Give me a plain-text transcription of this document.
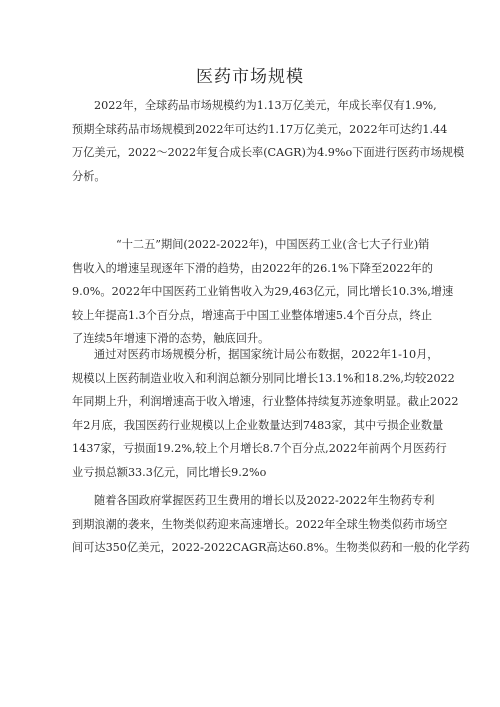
医药市场规模

2022年，全球药品市场规模约为1.13万亿美元，年成长率仅有1.9%,
预期全球药品市场规模到2022年可达约1.17万亿美元，2022年可达约1.44
万亿美元，2022～2022年复合成长率(CAGR)为4.9%o下面进行医药市场规模
分析。

“十二五”期间(2022-2022年)，中国医药工业(含七大子行业)销
售收入的增速呈现逐年下滑的趋势，由2022年的26.1%下降至2022年的
9.0%。2022年中国医药工业销售收入为29,463亿元，同比增长10.3%,增速
较上年提高1.3个百分点，增速高于中国工业整体增速5.4个百分点，终止
了连续5年增速下滑的态势，触底回升。

通过对医药市场规模分析，据国家统计局公布数据，2022年1-10月，
规模以上医药制造业收入和利润总额分别同比增长13.1%和18.2%,均较2022
年同期上升，利润增速高于收入增速，行业整体持续复苏迹象明显。截止2022
年2月底，我国医药行业规模以上企业数量达到7483家，其中亏损企业数量
1437家，亏损面19.2%,较上个月增长8.7个百分点,2022年前两个月医药行
业亏损总额33.3亿元，同比增长9.2%o

随着各国政府掌握医药卫生费用的增长以及2022-2022年生物药专利
到期浪潮的袭来，生物类似药迎来高速增长。2022年全球生物类似药市场空
间可达350亿美元，2022-2022CAGR高达60.8%。生物类似药和一般的化学药
